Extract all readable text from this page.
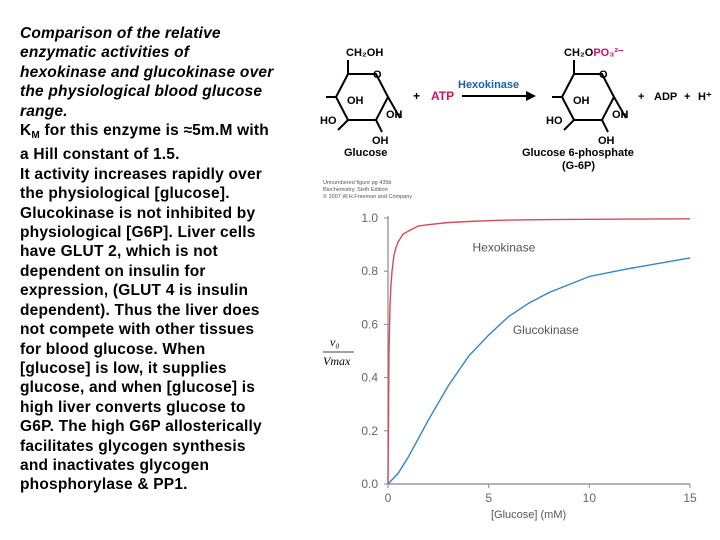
Comparison of the relative
enzymatic activities of
hexokinase and glucokinase over
the physiological blood glucose
range.
$K_M$ for this enzyme is ≈5m.M with
a Hill constant of 1.5.
It activity increases rapidly over
the physiological [glucose].
Glucokinase is not inhibited by
physiological [G6P]. Liver cells
have GLUT 2, which is not
dependent on insulin for
expression, (GLUT 4 is insulin
dependent). Thus the liver does
not compete with other tissues
for blood glucose. When
[glucose] is low, it supplies
glucose, and when [glucose] is
high liver converts glucose to
G6P. The high G6P allosterically
facilitates glycogen synthesis
and inactivates glycogen
phosphorylase & PP1.
CH₂OH
O
OH
OH
HO
OH
Glucose
+ ATP
Hexokinase
CH₂OPO₃²⁻
O
OH
OH
HO
OH
Glucose 6-phosphate
(G-6P)
+ ADP + H⁺
Unnumbered figure pg 435b
Biochemistry, Sixth Edition
© 2007 W.H.Freeman and Company
0.0
0.2
0.4
0.6
0.8
1.0
0	5	10	15
Hexokinase
Glucokinase
v₀
Vmax
[Glucose] (mM)
